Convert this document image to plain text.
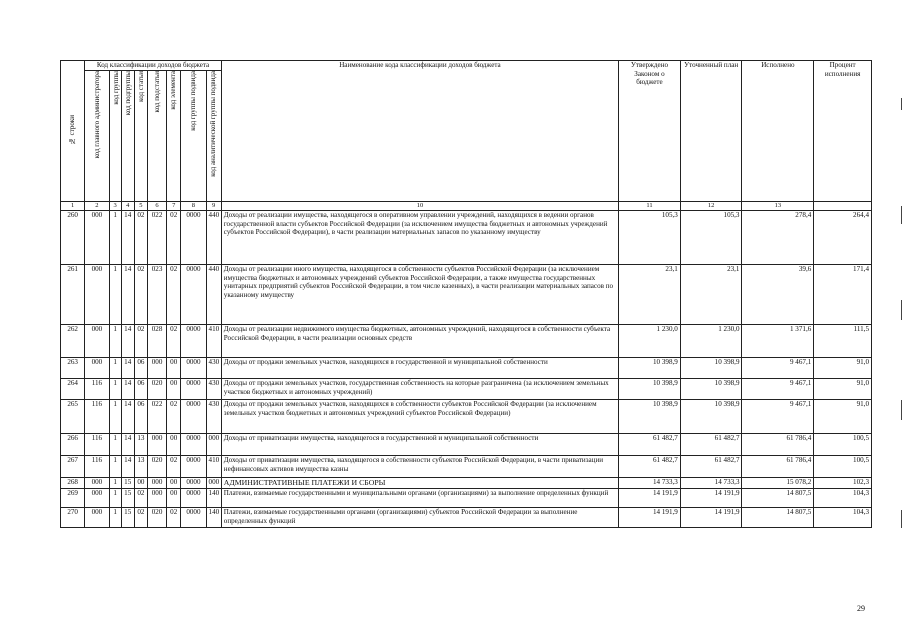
№ строки	Код классификации доходов бюджета								Наименование кода классификации доходов бюджета	Утверждено Законом о бюджете	Уточненный план	Исполнено	Процент исполнения
	код главного администратора	код группы	код подгруппы	код статьи	код подстатьи	код элемента	код группы подвида	код аналитической группы подвида					
1	2	3	4	5	6	7	8	9	10	11	12	13	
260	000	1	14	02	022	02	0000	440	Доходы от реализации имущества, находящегося в оперативном управлении учреждений, находящихся в ведении органов государственной власти субъектов Российской Федерации (за исключением имущества бюджетных и автономных учреждений субъектов Российской Федерации), в части реализации материальных запасов по указанному имуществу	105,3	105,3	278,4	264,4
261	000	1	14	02	023	02	0000	440	Доходы от реализации иного имущества, находящегося в собственности субъектов Российской Федерации (за исключением имущества бюджетных и автономных учреждений субъектов Российской Федерации, а также имущества государственных унитарных предприятий субъектов Российской Федерации, в том числе казенных), в части реализации материальных запасов по указанному имуществу	23,1	23,1	39,6	171,4
262	000	1	14	02	028	02	0000	410	Доходы от реализации недвижимого имущества бюджетных, автономных учреждений, находящегося в собственности субъекта Российской Федерации, в части реализации основных средств	1 230,0	1 230,0	1 371,6	111,5
263	000	1	14	06	000	00	0000	430	Доходы от продажи земельных участков, находящихся в государственной и муниципальной собственности	10 398,9	10 398,9	9 467,1	91,0
264	116	1	14	06	020	00	0000	430	Доходы от продажи земельных участков, государственная собственность на которые разграничена (за исключением земельных участков бюджетных и автономных учреждений)	10 398,9	10 398,9	9 467,1	91,0
265	116	1	14	06	022	02	0000	430	Доходы от продажи земельных участков, находящихся в собственности субъектов Российской Федерации (за исключением земельных участков бюджетных и автономных учреждений субъектов Российской Федерации)	10 398,9	10 398,9	9 467,1	91,0
266	116	1	14	13	000	00	0000	000	Доходы от приватизации имущества, находящегося в государственной и муниципальной собственности	61 482,7	61 482,7	61 786,4	100,5
267	116	1	14	13	020	02	0000	410	Доходы от приватизации имущества, находящегося в собственности субъектов Российской Федерации, в части приватизации нефинансовых активов имущества казны	61 482,7	61 482,7	61 786,4	100,5
268	000	1	15	00	000	00	0000	000	АДМИНИСТРАТИВНЫЕ ПЛАТЕЖИ И СБОРЫ	14 733,3	14 733,3	15 078,2	102,3
269	000	1	15	02	000	00	0000	140	Платежи, взимаемые государственными и муниципальными органами (организациями) за выполнение определенных функций	14 191,9	14 191,9	14 807,5	104,3
270	000	1	15	02	020	02	0000	140	Платежи, взимаемые государственными органами (организациями) субъектов Российской Федерации за выполнение определенных функций	14 191,9	14 191,9	14 807,5	104,3
29
